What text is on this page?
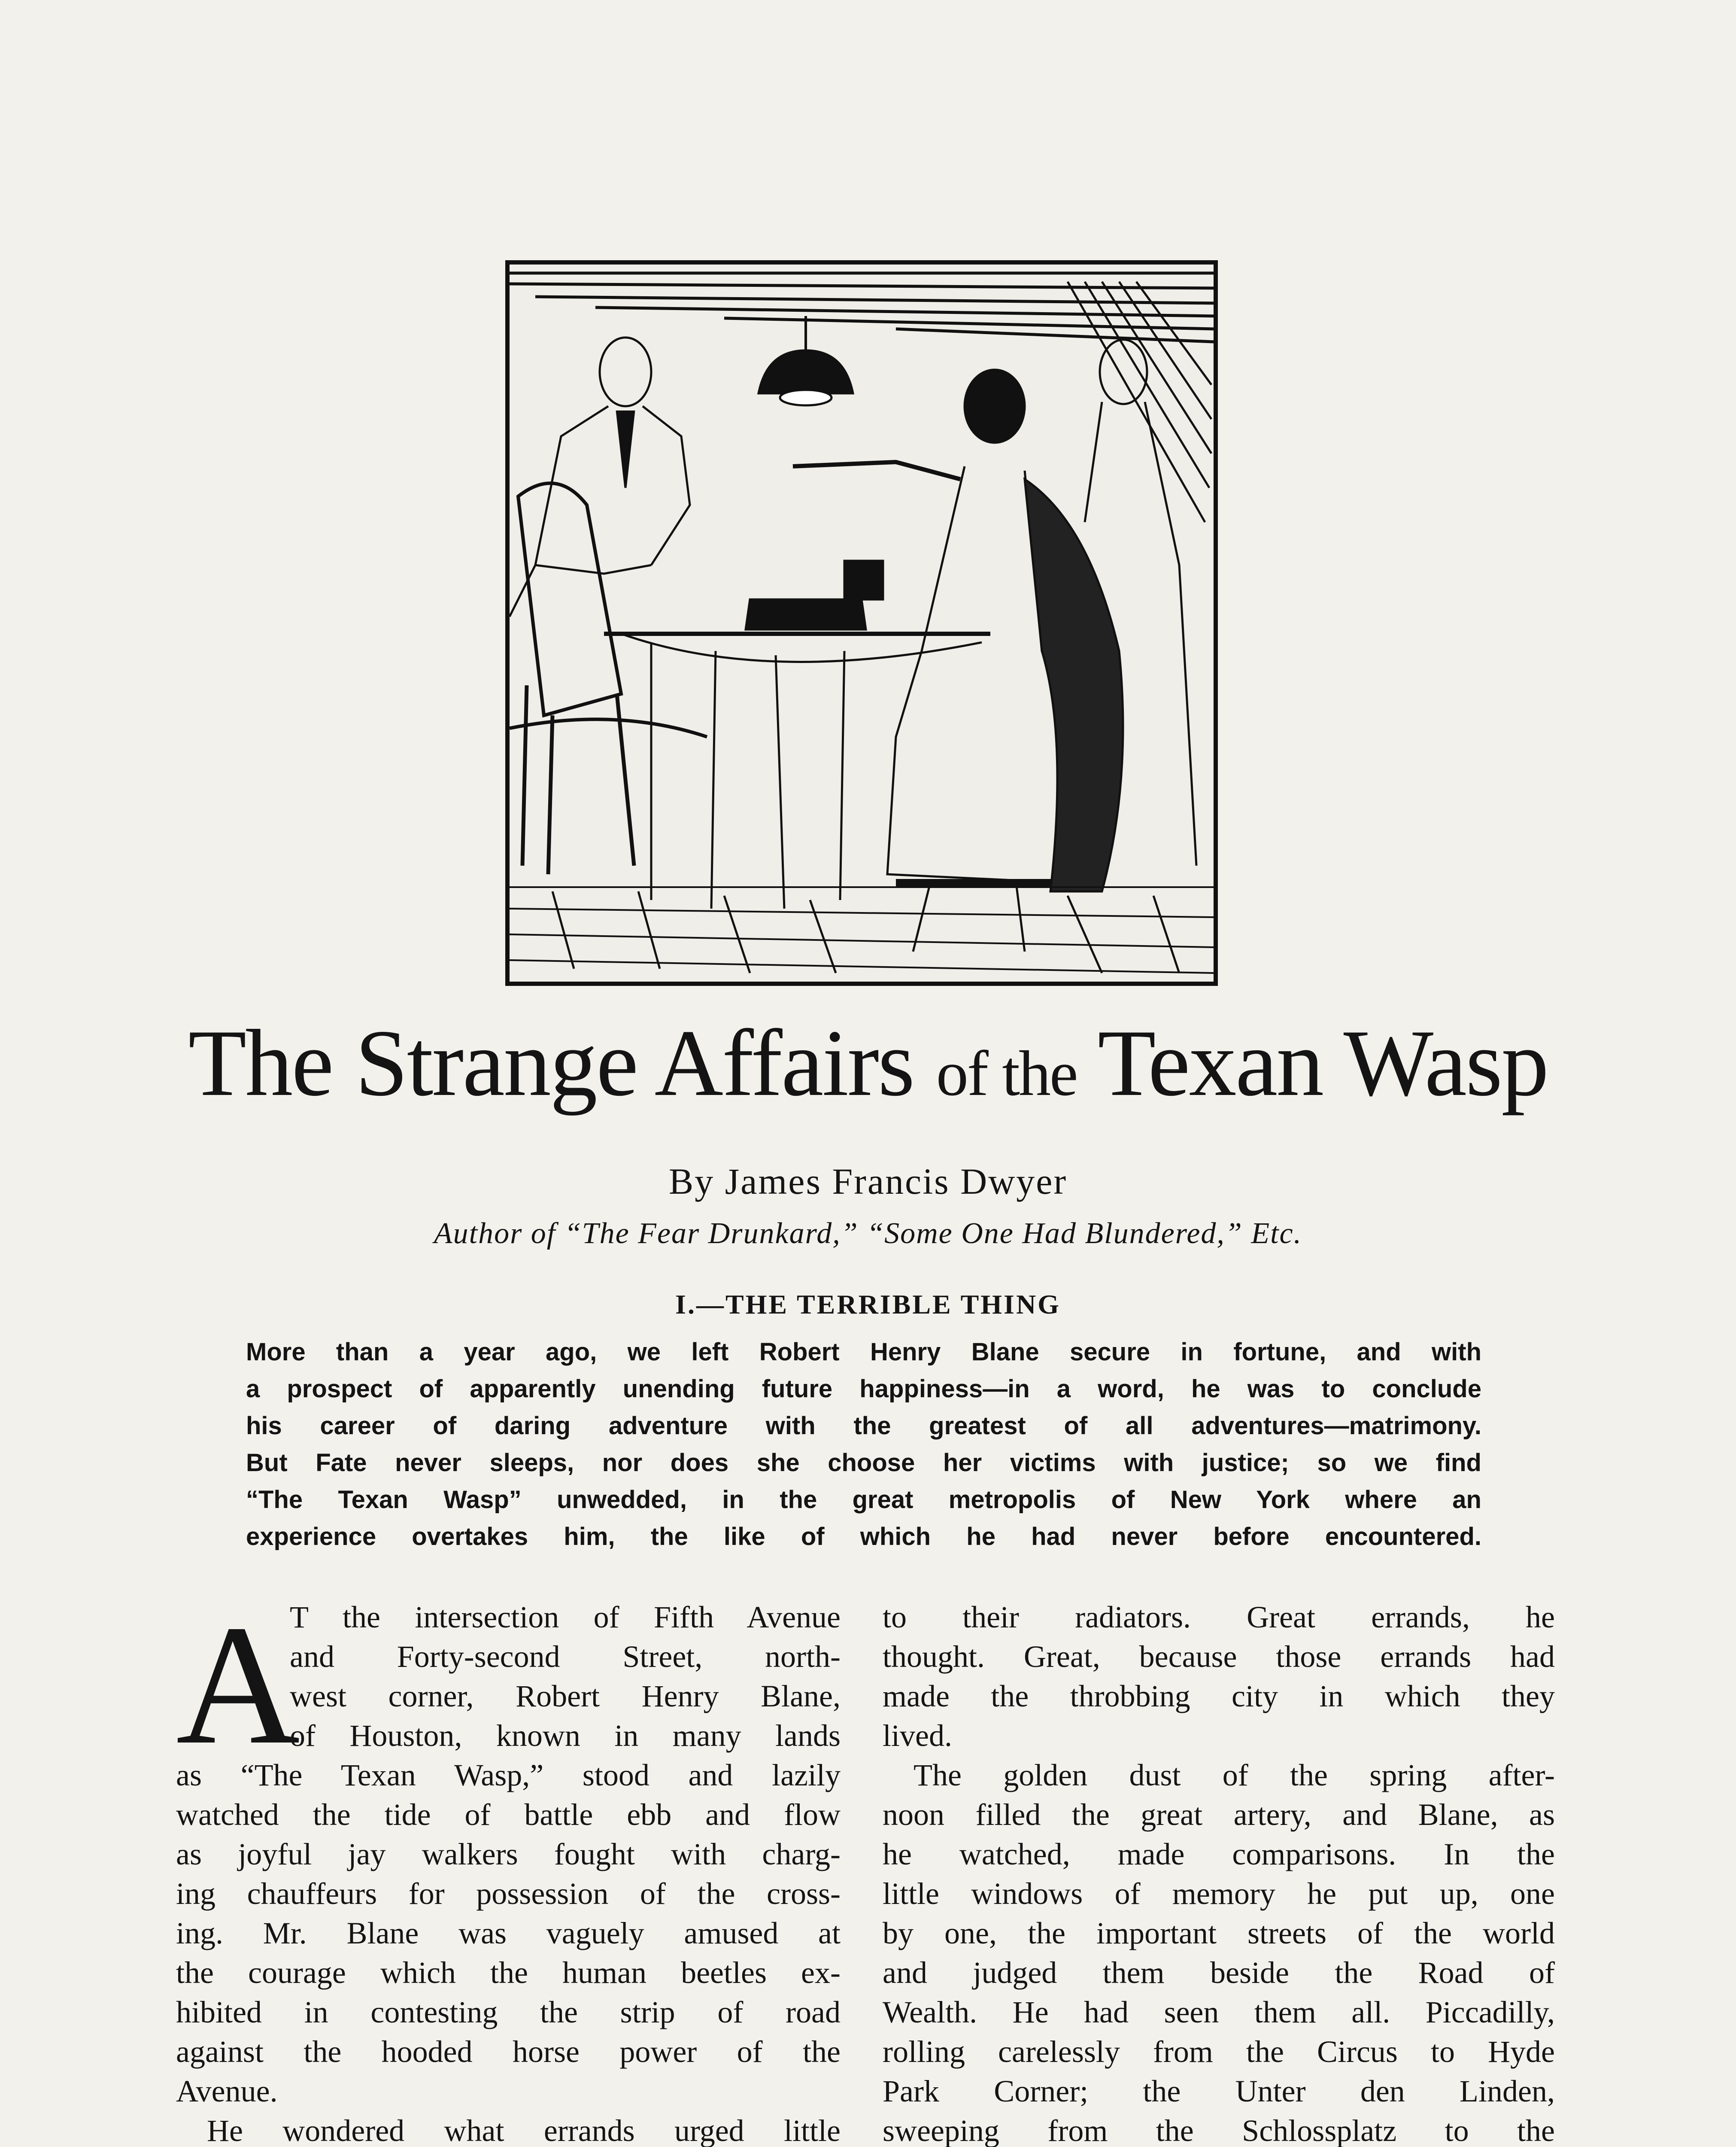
The Strange Affairs of the Texan Wasp
By James Francis Dwyer
Author of “The Fear Drunkard,” “Some One Had Blundered,” Etc.
I.—THE TERRIBLE THING
More than a year ago, we left Robert Henry Blane secure in fortune, and with
a prospect of apparently unending future happiness—in a word, he was to conclude
his career of daring adventure with the greatest of all adventures—matrimony.
But Fate never sleeps, nor does she choose her victims with justice; so we find
“The Texan Wasp” unwedded, in the great metropolis of New York where an
experience overtakes him, the like of which he had never before encountered.
A
T the intersection of Fifth Avenue
and Forty-second Street, north-
west corner, Robert Henry Blane,
of Houston, known in many lands
as “The Texan Wasp,” stood and lazily
watched the tide of battle ebb and flow
as joyful jay walkers fought with charg-
ing chauffeurs for possession of the cross-
ing. Mr. Blane was vaguely amused at
the courage which the human beetles ex-
hibited in contesting the strip of road
against the hooded horse power of the
Avenue.
He wondered what errands urged little
to their radiators. Great errands, he
thought. Great, because those errands had
made the throbbing city in which they
lived.
The golden dust of the spring after-
noon filled the great artery, and Blane, as
he watched, made comparisons. In the
little windows of memory he put up, one
by one, the important streets of the world
and judged them beside the Road of
Wealth. He had seen them all. Piccadilly,
rolling carelessly from the Circus to Hyde
Park Corner; the Unter den Linden,
sweeping from the Schlossplatz to the
